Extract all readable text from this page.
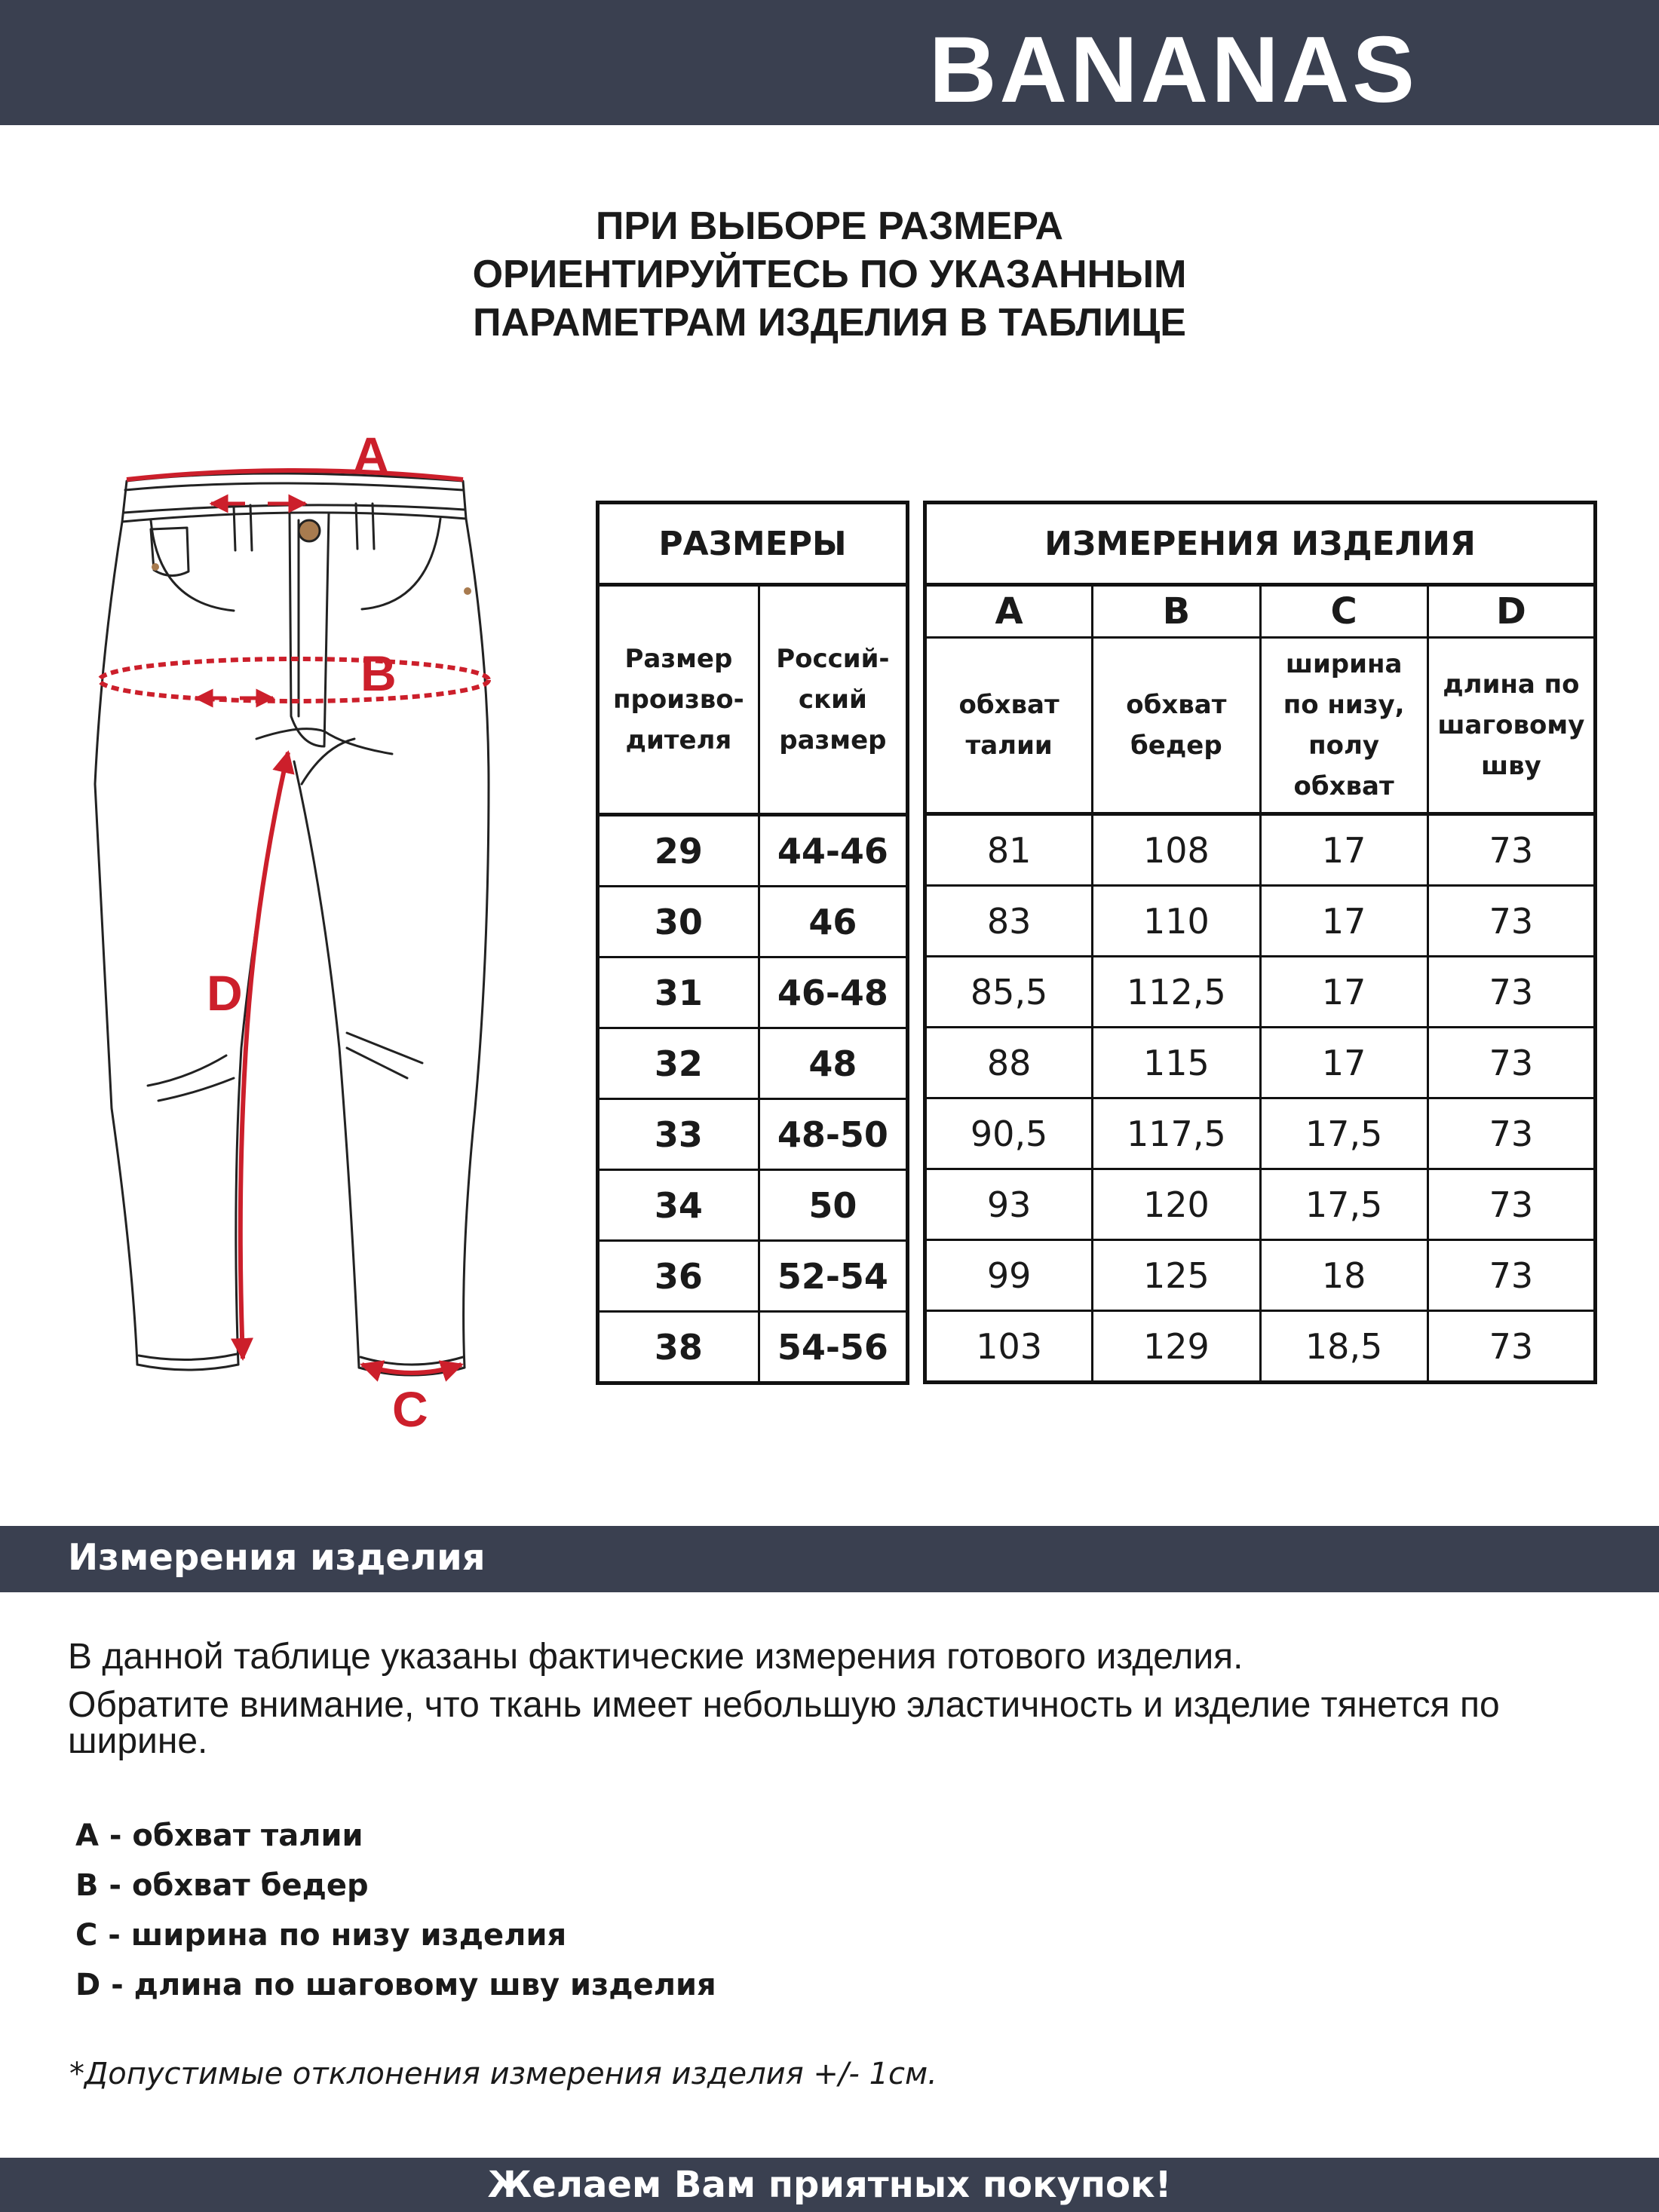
BANANAS
ПРИ ВЫБОРЕ РАЗМЕРА
ОРИЕНТИРУЙТЕСЬ ПО УКАЗАННЫМ
ПАРАМЕТРАМ ИЗДЕЛИЯ В ТАБЛИЦЕ
A
B
D
C
РАЗМЕРЫ	
Размер произво-дителя	Россий-ский размер
29	44-46
30	46
31	46-48
32	48
33	48-50
34	50
36	52-54
38	54-56
ИЗМЕРЕНИЯ ИЗДЕЛИЯ			
A	B	C	D
обхват талии	обхват бедер	ширина по низу, полу обхват	длина по шаговому шву
81	108	17	73
83	110	17	73
85,5	112,5	17	73
88	115	17	73
90,5	117,5	17,5	73
93	120	17,5	73
99	125	18	73
103	129	18,5	73
Измерения изделия
В данной таблице указаны фактические измерения готового изделия.
Обратите внимание, что ткань имеет небольшую эластичность и изделие тянется по ширине.
A - обхват талии
B - обхват бедер
C - ширина по низу изделия
D - длина по шаговому шву изделия
*Допустимые отклонения измерения изделия +/- 1см.
Желаем Вам приятных покупок!
